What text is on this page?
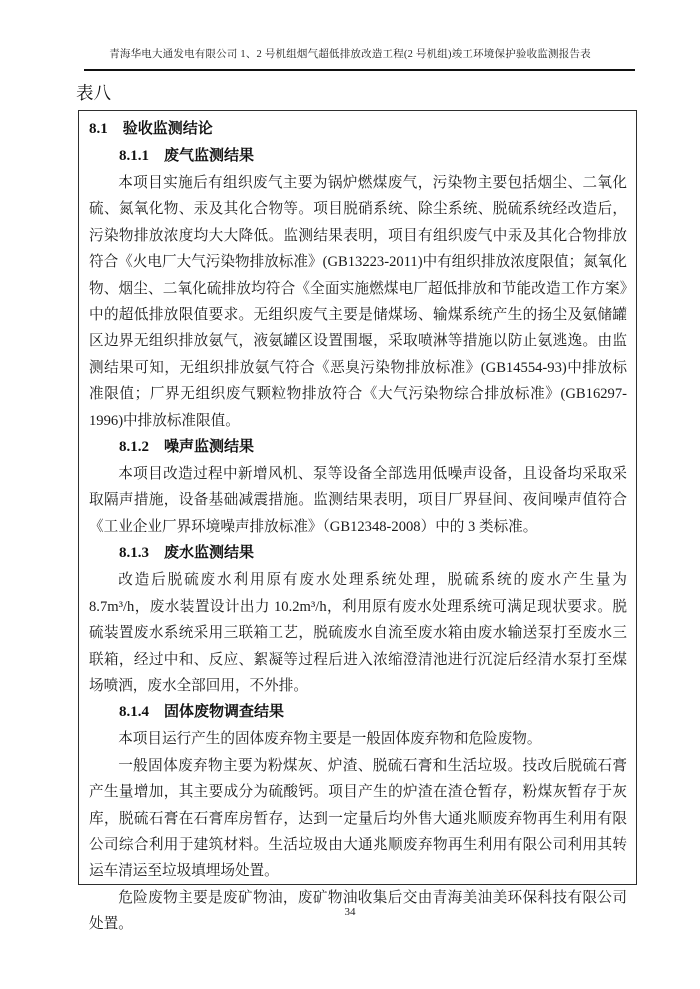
青海华电大通发电有限公司 1、2 号机组烟气超低排放改造工程(2 号机组)竣工环境保护验收监测报告表
表八
8.1　验收监测结论
8.1.1　废气监测结果

本项目实施后有组织废气主要为锅炉燃煤废气，污染物主要包括烟尘、二氧化硫、氮氧化物、汞及其化合物等。项目脱硝系统、除尘系统、脱硫系统经改造后，污染物排放浓度均大大降低。监测结果表明，项目有组织废气中汞及其化合物排放符合《火电厂大气污染物排放标准》(GB13223-2011)中有组织排放浓度限值；氮氧化物、烟尘、二氧化硫排放均符合《全面实施燃煤电厂超低排放和节能改造工作方案》中的超低排放限值要求。无组织废气主要是储煤场、输煤系统产生的扬尘及氨储罐区边界无组织排放氨气，液氨罐区设置围堰，采取喷淋等措施以防止氨逃逸。由监测结果可知，无组织排放氨气符合《恶臭污染物排放标准》(GB14554-93)中排放标准限值；厂界无组织废气颗粒物排放符合《大气污染物综合排放标准》(GB16297-1996)中排放标准限值。

8.1.2　噪声监测结果

本项目改造过程中新增风机、泵等设备全部选用低噪声设备，且设备均采取采取隔声措施，设备基础减震措施。监测结果表明，项目厂界昼间、夜间噪声值符合《工业企业厂界环境噪声排放标准》（GB12348-2008）中的 3 类标准。

8.1.3　废水监测结果

改造后脱硫废水利用原有废水处理系统处理，脱硫系统的废水产生量为 8.7m³/h，废水装置设计出力 10.2m³/h，利用原有废水处理系统可满足现状要求。脱硫装置废水系统采用三联箱工艺，脱硫废水自流至废水箱由废水输送泵打至废水三联箱，经过中和、反应、絮凝等过程后进入浓缩澄清池进行沉淀后经清水泵打至煤场喷洒，废水全部回用，不外排。

8.1.4　固体废物调查结果

本项目运行产生的固体废弃物主要是一般固体废弃物和危险废物。

一般固体废弃物主要为粉煤灰、炉渣、脱硫石膏和生活垃圾。技改后脱硫石膏产生量增加，其主要成分为硫酸钙。项目产生的炉渣在渣仓暂存，粉煤灰暂存于灰库，脱硫石膏在石膏库房暂存，达到一定量后均外售大通兆顺废弃物再生利用有限公司综合利用于建筑材料。生活垃圾由大通兆顺废弃物再生利用有限公司利用其转运车清运至垃圾填埋场处置。

危险废物主要是废矿物油，废矿物油收集后交由青海美油美环保科技有限公司处置。

34
